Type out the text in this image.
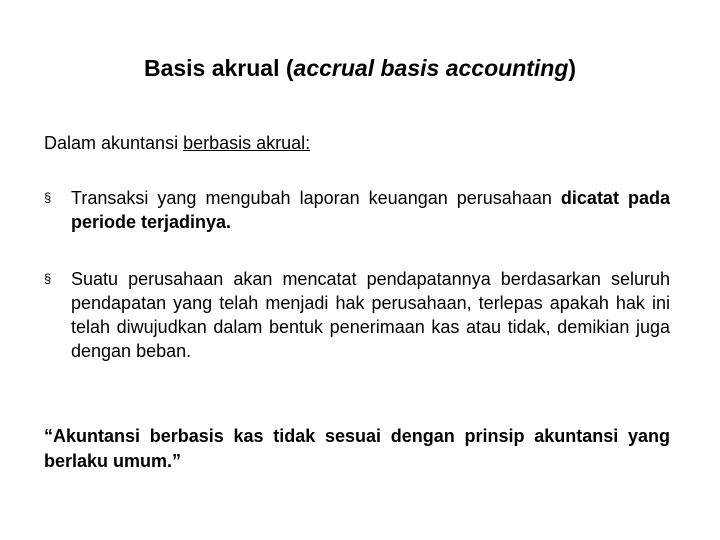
Basis akrual (accrual basis accounting)
Dalam akuntansi berbasis akrual:
§ Transaksi yang mengubah laporan keuangan perusahaan dicatat pada periode terjadinya.
§ Suatu perusahaan akan mencatat pendapatannya berdasarkan seluruh pendapatan yang telah menjadi hak perusahaan, terlepas apakah hak ini telah diwujudkan dalam bentuk penerimaan kas atau tidak, demikian juga dengan beban.
“Akuntansi berbasis kas tidak sesuai dengan prinsip akuntansi yang berlaku umum.”
